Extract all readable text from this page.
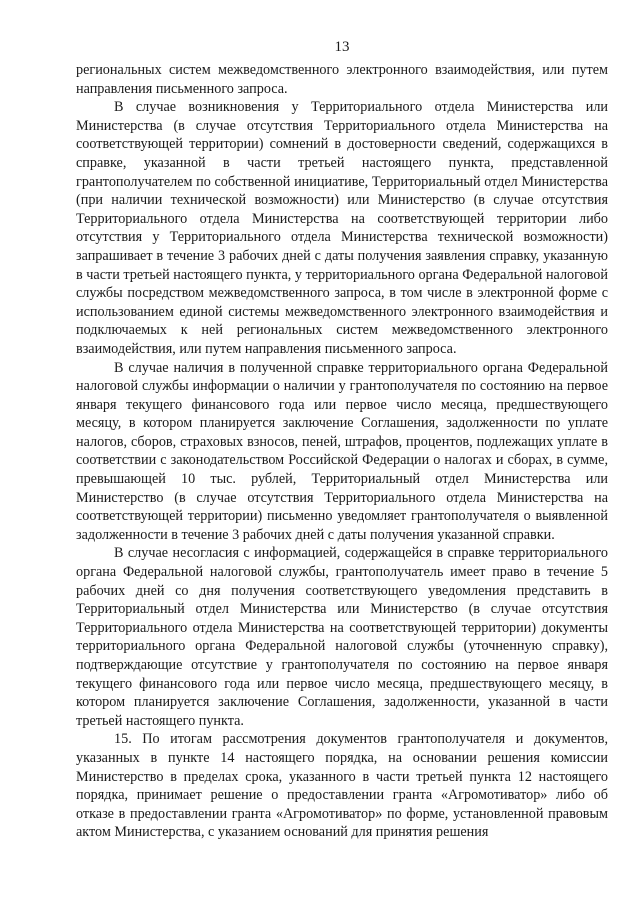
13

региональных систем межведомственного электронного взаимодействия, или путем направления письменного запроса.

В случае возникновения у Территориального отдела Министерства или Министерства (в случае отсутствия Территориального отдела Министерства на соответствующей территории) сомнений в достоверности сведений, содержащихся в справке, указанной в части третьей настоящего пункта, представленной грантополучателем по собственной инициативе, Территориальный отдел Министерства (при наличии технической возможности) или Министерство (в случае отсутствия Территориального отдела Министерства на соответствующей территории либо отсутствия у Территориального отдела Министерства технической возможности) запрашивает в течение 3 рабочих дней с даты получения заявления справку, указанную в части третьей настоящего пункта, у территориального органа Федеральной налоговой службы посредством межведомственного запроса, в том числе в электронной форме с использованием единой системы межведомственного электронного взаимодействия и подключаемых к ней региональных систем межведомственного электронного взаимодействия, или путем направления письменного запроса.

В случае наличия в полученной справке территориального органа Федеральной налоговой службы информации о наличии у грантополучателя по состоянию на первое января текущего финансового года или первое число месяца, предшествующего месяцу, в котором планируется заключение Соглашения, задолженности по уплате налогов, сборов, страховых взносов, пеней, штрафов, процентов, подлежащих уплате в соответствии с законодательством Российской Федерации о налогах и сборах, в сумме, превышающей 10 тыс. рублей, Территориальный отдел Министерства или Министерство (в случае отсутствия Территориального отдела Министерства на соответствующей территории) письменно уведомляет грантополучателя о выявленной задолженности в течение 3 рабочих дней с даты получения указанной справки.

В случае несогласия с информацией, содержащейся в справке территориального органа Федеральной налоговой службы, грантополучатель имеет право в течение 5 рабочих дней со дня получения соответствующего уведомления представить в Территориальный отдел Министерства или Министерство (в случае отсутствия Территориального отдела Министерства на соответствующей территории) документы территориального органа Федеральной налоговой службы (уточненную справку), подтверждающие отсутствие у грантополучателя по состоянию на первое января текущего финансового года или первое число месяца, предшествующего месяцу, в котором планируется заключение Соглашения, задолженности, указанной в части третьей настоящего пункта.

15. По итогам рассмотрения документов грантополучателя и документов, указанных в пункте 14 настоящего порядка, на основании решения комиссии Министерство в пределах срока, указанного в части третьей пункта 12 настоящего порядка, принимает решение о предоставлении гранта «Агромотиватор» либо об отказе в предоставлении гранта «Агромотиватор» по форме, установленной правовым актом Министерства, с указанием оснований для принятия решения
